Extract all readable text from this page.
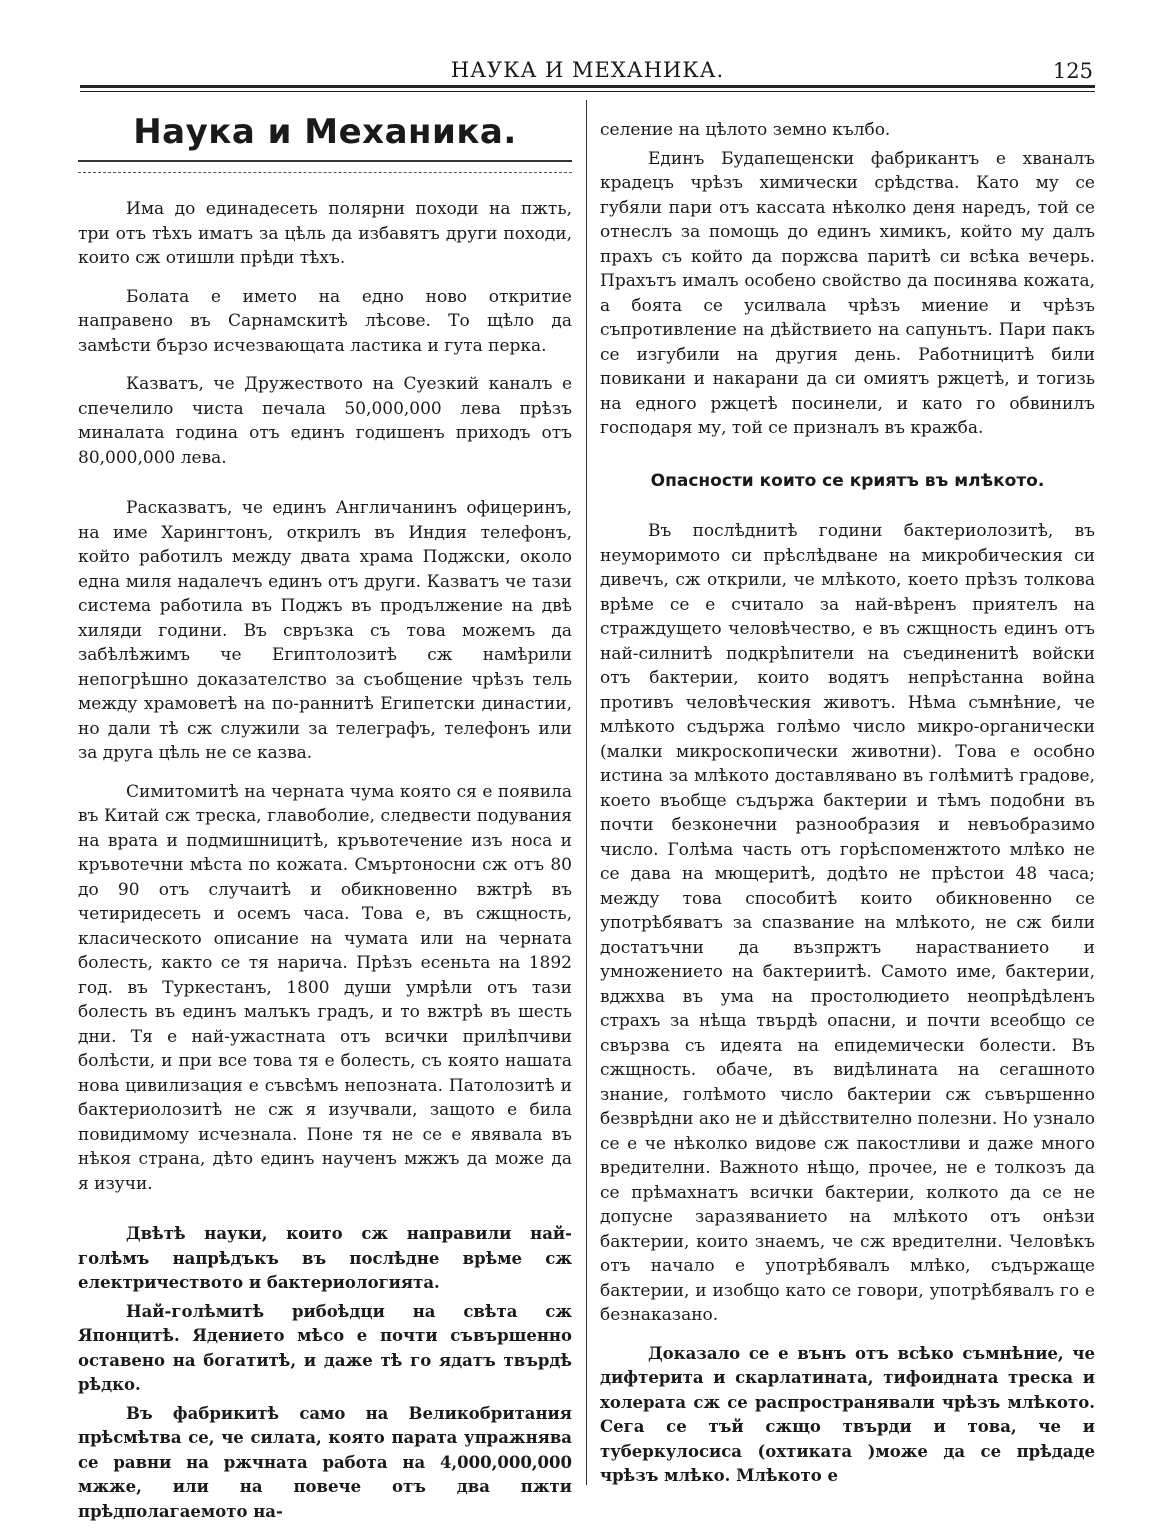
НАУКА И МЕХАНИКА.	125
Наука и Механика.

Има до единадесеть полярни походи на пжть, три отъ тѣхъ иматъ за цѣль да избавятъ други походи, които сж отишли прѣди тѣхъ.

Болата е името на едно ново откритие направено въ Сарнамскитѣ лѣсове. То щѣло да замѣсти бързо исчезвающата ластика и гута перка.

Казватъ, че Дружеството на Суезкий каналъ е спечелило чиста печала 50,000,000 лева прѣзъ миналата година отъ единъ годишенъ приходъ отъ 80,000,000 лева.

Расказватъ, че единъ Англичанинъ офицеринъ, на име Харингтонъ, открилъ въ Индия телефонъ, който работилъ между двата храма Поджски, около една миля надалечъ единъ отъ други. Казватъ че тази система работила въ Поджъ въ продължение на двѣ хиляди години. Въ свръзка съ това можемъ да забѣлѣжимъ че Египтолозитѣ сж намѣрили непогрѣшно доказателство за съобщение чрѣзъ тель между храмоветѣ на по-раннитѣ Египетски династии, но дали тѣ сж служили за телеграфъ, телефонъ или за друга цѣль не се казва.

Симитомитѣ на черната чума която ся е появила въ Китай сж треска, главоболие, следвести подувания на врата и подмишницитѣ, кръвотечение изъ носа и кръвотечни мѣста по кожата. Смъртоносни сж отъ 80 до 90 отъ случаитѣ и обикновенно вжтрѣ въ четиридесеть и осемъ часа. Това е, въ сжщность, класическото описание на чумата или на черната болесть, както се тя нарича. Прѣзъ есеньта на 1892 год. въ Туркестанъ, 1800 души умрѣли отъ тази болесть въ единъ малъкъ градъ, и то вжтрѣ въ шесть дни. Тя е най-ужастната отъ всички прилѣпчиви болѣсти, и при все това тя е болесть, съ която нашата нова цивилизация е съвсѣмъ непозната. Патолозитѣ и бактериолозитѣ не сж я изучвали, защото е била повидимому исчезнала. Поне тя не се е явявала въ нѣкоя страна, дѣто единъ наученъ мжжъ да може да я изучи.

Двѣтѣ науки, които сж направили най-голѣмъ напрѣдъкъ въ послѣдне врѣме сж електричеството и бактериологията.

Най-голѣмитѣ рибоѣдци на свѣта сж Японцитѣ. Ядението мѣсо е почти съвършенно оставено на богатитѣ, и даже тѣ го ядатъ твърдѣ рѣдко.

Въ фабрикитѣ само на Великобритания прѣсмѣтва се, че силата, която парата упражнява се равни на ржчната работа на 4,000,000,000 мжже, или на повече отъ два пжти прѣдполагаемото на-

селение на цѣлото земно кълбо.

Единъ Будапещенски фабрикантъ е хваналъ крадецъ чрѣзъ химически срѣдства. Като му се губяли пари отъ кассата нѣколко деня наредъ, той се отнеслъ за помощь до единъ химикъ, който му далъ прахъ съ който да поржсва паритѣ си всѣка вечерь. Прахътъ ималъ особено свойство да посинява кожата, а боята се усилвала чрѣзъ миение и чрѣзъ съпротивление на дѣйствието на сапуньтъ. Пари пакъ се изгубили на другия день. Работницитѣ били повикани и накарани да си омиятъ ржцетѣ, и тогизь на едного ржцетѣ посинели, и като го обвинилъ господаря му, той се призналъ въ кражба.

Опасности които се криятъ въ млѣкото.

Въ послѣднитѣ години бактериолозитѣ, въ неуморимото си прѣслѣдване на микробическия си дивечъ, сж открили, че млѣкото, което прѣзъ толкова врѣме се е считало за най-вѣренъ приятелъ на страждущето человѣчество, е въ сжщность единъ отъ най-силнитѣ подкрѣпители на съединенитѣ войски отъ бактерии, които водятъ непрѣстанна война противъ человѣческия животъ. Нѣма съмнѣние, че млѣкото съдържа голѣмо число микро-органически (малки микроскопически животни). Това е особно истина за млѣкото доставлявано въ голѣмитѣ градове, което въобще съдържа бактерии и тѣмъ подобни въ почти безконечни разнообразия и невъобразимо число. Голѣма часть отъ горѣспоменжтото млѣко не се дава на мющеритѣ, додѣто не прѣстои 48 часа; между това способитѣ които обикновенно се употрѣбяватъ за спазвание на млѣкото, не сж били достатъчни да възпржтъ нарастванието и умножението на бактериитѣ. Самото име, бактерии, вджхва въ ума на простолюдието неопрѣдѣленъ страхъ за нѣща твърдѣ опасни, и почти всеобщо се свързва съ идеята на епидемически болести. Въ сжщность. обаче, въ видѣлината на сегашното знание, голѣмото число бактерии сж съвършенно безврѣдни ако не и дѣйсствително полезни. Но узнало се е че нѣколко видове сж пакостливи и даже много вредителни. Важното нѣщо, прочее, не е толкозъ да се прѣмахнатъ всички бактерии, колкото да се не допусне заразяванието на млѣкото отъ онѣзи бактерии, които знаемъ, че сж вредителни. Человѣкъ отъ начало е употрѣбявалъ млѣко, съдържаще бактерии, и изобщо като се говори, употрѣбявалъ го е безнаказано.

Доказало се е вънъ отъ всѣко съмнѣние, че дифтерита и скарлатината, тифоидната треска и холерата сж се распространявали чрѣзъ млѣкото. Сега се тъй сжщо твърди и това, че и туберкулосиса (охтиката )може да се прѣдаде чрѣзъ млѣко. Млѣкото е
